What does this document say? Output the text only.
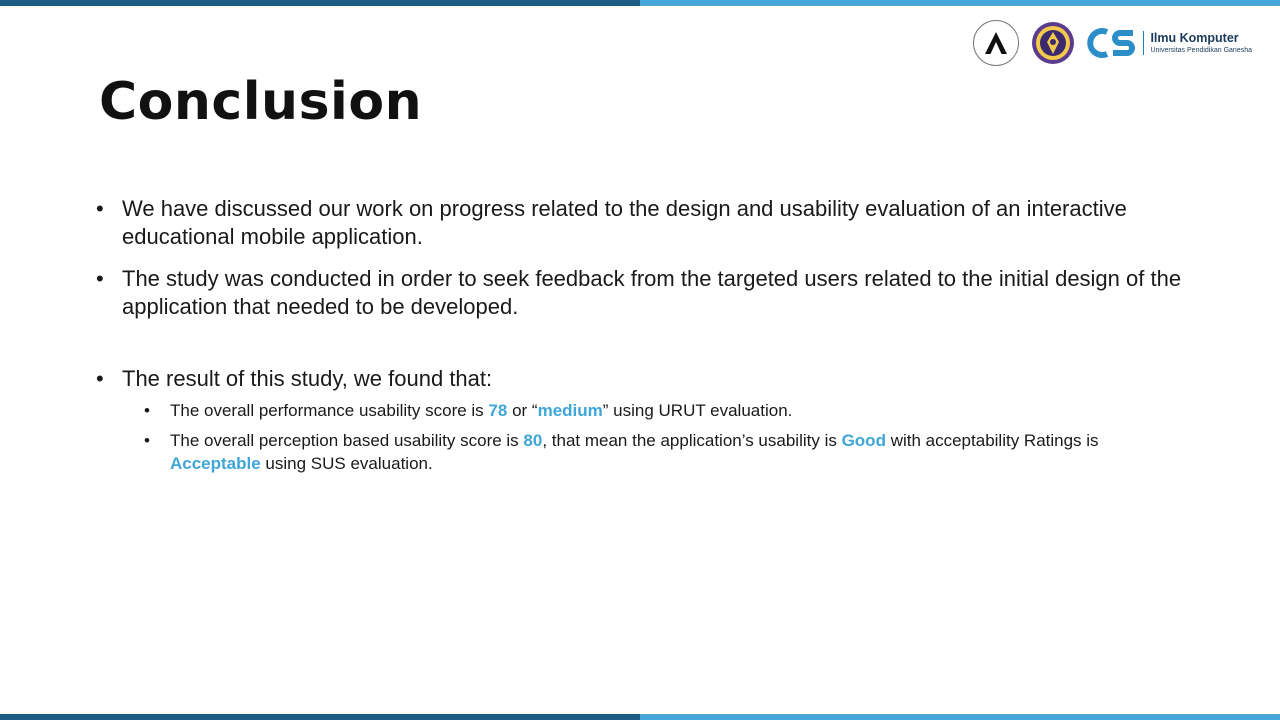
Ilmu Komputer
Universitas Pendidikan Ganesha
Conclusion

• We have discussed our work on progress related to the design and usability evaluation of an interactive educational mobile application.

• The study was conducted in order to seek feedback from the targeted users related to the initial design of the application that needed to be developed.

• The result of this study, we found that:

• The overall performance usability score is 78 or “medium” using URUT evaluation.

• The overall perception based usability score is 80, that mean the application’s usability is Good with acceptability Ratings is Acceptable using SUS evaluation.
